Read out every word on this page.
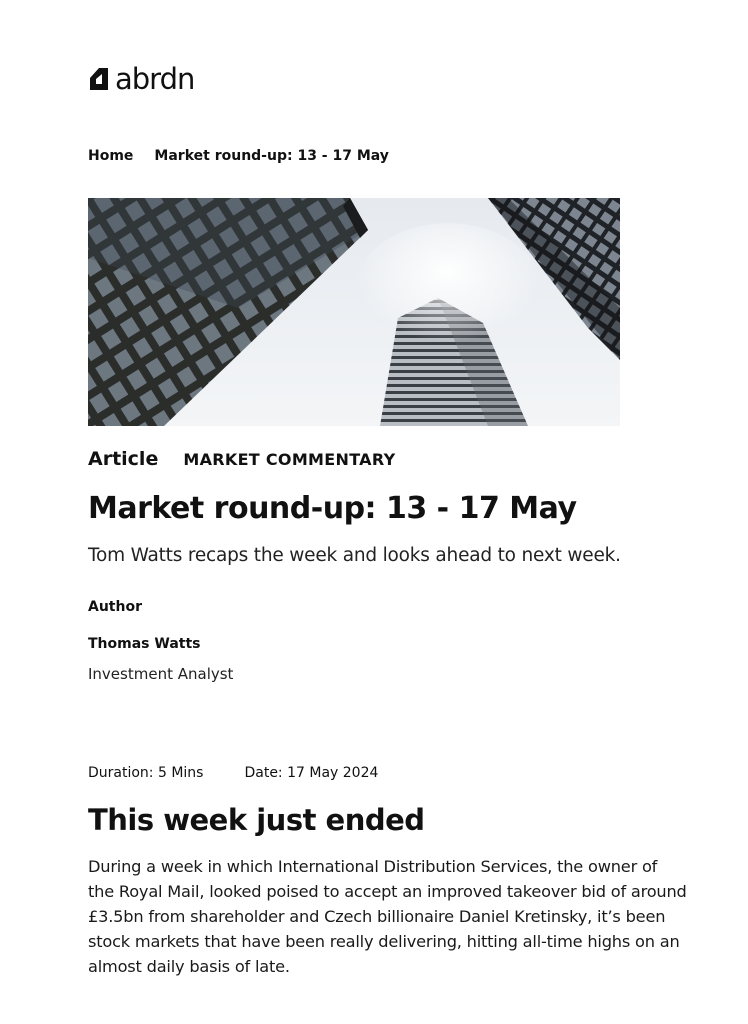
abrdn
Home Market round-up: 13 - 17 May
Article MARKET COMMENTARY
Market round-up: 13 - 17 May

Tom Watts recaps the week and looks ahead to next week.

Author
Thomas Watts
Investment Analyst
Duration: 5 Mins	Date: 17 May 2024
This week just ended

During a week in which International Distribution Services, the owner of the Royal Mail, looked poised to accept an improved takeover bid of around £3.5bn from shareholder and Czech billionaire Daniel Kretinsky, it’s been stock markets that have been really delivering, hitting all-time highs on an almost daily basis of late.
